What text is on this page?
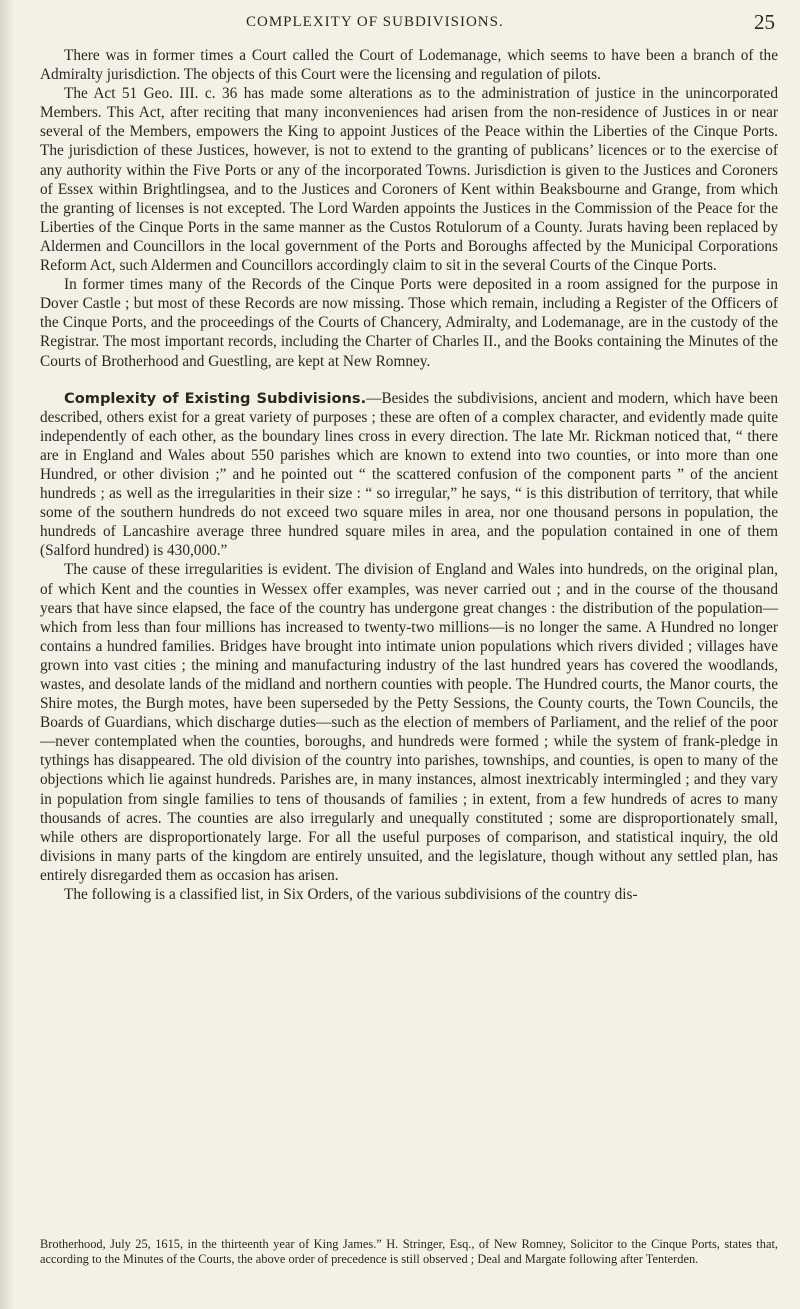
COMPLEXITY OF SUBDIVISIONS.	25

There was in former times a Court called the Court of Lodemanage, which seems to have been a branch of the Admiralty jurisdiction. The objects of this Court were the licensing and regulation of pilots.

The Act 51 Geo. III. c. 36 has made some alterations as to the administration of justice in the unincorporated Members. This Act, after reciting that many inconveniences had arisen from the non-residence of Justices in or near several of the Members, empowers the King to appoint Justices of the Peace within the Liberties of the Cinque Ports. The jurisdiction of these Justices, however, is not to extend to the granting of publicans’ licences or to the exercise of any authority within the Five Ports or any of the incorporated Towns. Jurisdiction is given to the Justices and Coroners of Essex within Brightlingsea, and to the Justices and Coroners of Kent within Beaksbourne and Grange, from which the granting of licenses is not excepted. The Lord Warden appoints the Justices in the Commission of the Peace for the Liberties of the Cinque Ports in the same manner as the Custos Rotulorum of a County. Jurats having been replaced by Aldermen and Councillors in the local government of the Ports and Boroughs affected by the Municipal Corporations Reform Act, such Aldermen and Councillors accordingly claim to sit in the several Courts of the Cinque Ports.

In former times many of the Records of the Cinque Ports were deposited in a room assigned for the purpose in Dover Castle ; but most of these Records are now missing. Those which remain, including a Register of the Officers of the Cinque Ports, and the proceedings of the Courts of Chancery, Admiralty, and Lodemanage, are in the custody of the Registrar. The most important records, including the Charter of Charles II., and the Books containing the Minutes of the Courts of Brotherhood and Guestling, are kept at New Romney.

Complexity of Existing Subdivisions.—Besides the subdivisions, ancient and modern, which have been described, others exist for a great variety of purposes ; these are often of a complex character, and evidently made quite independently of each other, as the boundary lines cross in every direction. The late Mr. Rickman noticed that, “ there are in England and Wales about 550 parishes which are known to extend into two counties, or into more than one Hundred, or other division ;” and he pointed out “ the scattered confusion of the component parts ” of the ancient hundreds ; as well as the irregularities in their size : “ so irregular,” he says, “ is this distribution of territory, that while some of the southern hundreds do not exceed two square miles in area, nor one thousand persons in population, the hundreds of Lancashire average three hundred square miles in area, and the population contained in one of them (Salford hundred) is 430,000.”

The cause of these irregularities is evident. The division of England and Wales into hundreds, on the original plan, of which Kent and the counties in Wessex offer examples, was never carried out ; and in the course of the thousand years that have since elapsed, the face of the country has undergone great changes : the distribution of the population—which from less than four millions has increased to twenty-two millions—is no longer the same. A Hundred no longer contains a hundred families. Bridges have brought into intimate union populations which rivers divided ; villages have grown into vast cities ; the mining and manufacturing industry of the last hundred years has covered the woodlands, wastes, and desolate lands of the midland and northern counties with people. The Hundred courts, the Manor courts, the Shire motes, the Burgh motes, have been superseded by the Petty Sessions, the County courts, the Town Councils, the Boards of Guardians, which discharge duties—such as the election of members of Parliament, and the relief of the poor—never contemplated when the counties, boroughs, and hundreds were formed ; while the system of frank-pledge in tythings has disappeared. The old division of the country into parishes, townships, and counties, is open to many of the objections which lie against hundreds. Parishes are, in many instances, almost inextricably intermingled ; and they vary in population from single families to tens of thousands of families ; in extent, from a few hundreds of acres to many thousands of acres. The counties are also irregularly and unequally constituted ; some are disproportionately small, while others are disproportionately large. For all the useful purposes of comparison, and statistical inquiry, the old divisions in many parts of the kingdom are entirely unsuited, and the legislature, though without any settled plan, has entirely disregarded them as occasion has arisen.

The following is a classified list, in Six Orders, of the various subdivisions of the country dis-

Brotherhood, July 25, 1615, in the thirteenth year of King James.” H. Stringer, Esq., of New Romney, Solicitor to the Cinque Ports, states that, according to the Minutes of the Courts, the above order of precedence is still observed ; Deal and Margate following after Tenterden.
